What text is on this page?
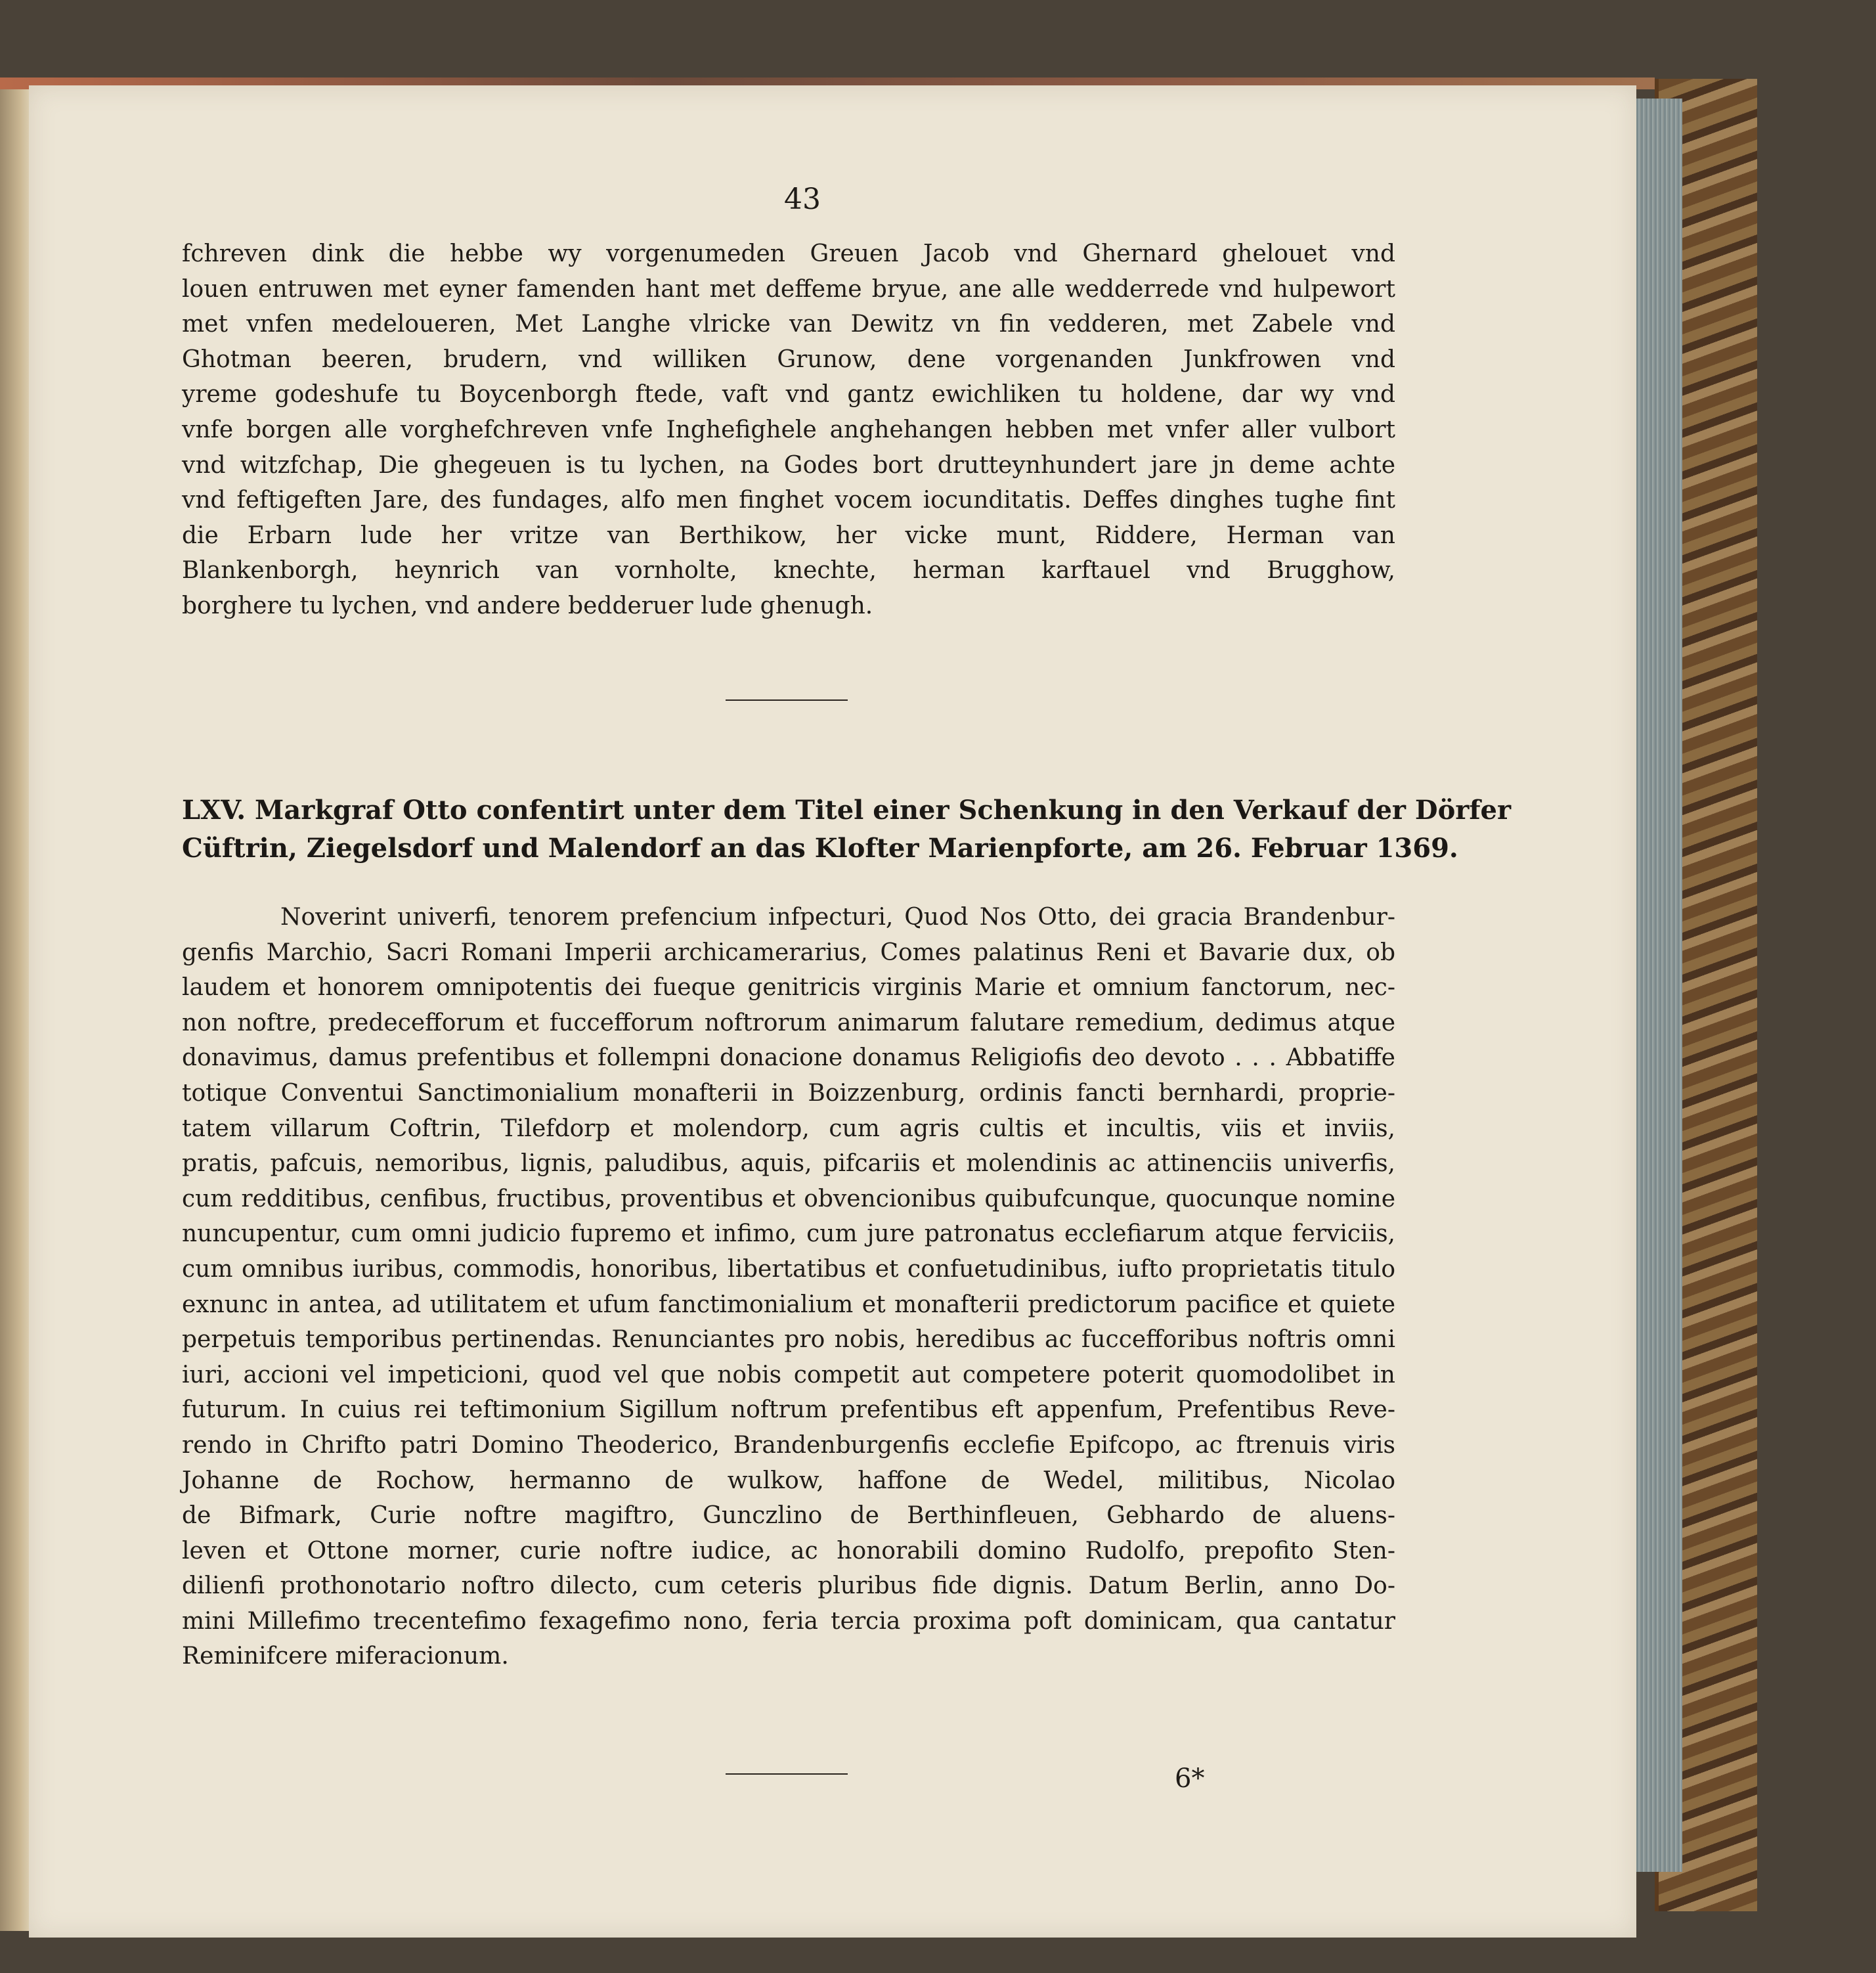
43
fchreven dink die hebbe wy vorgenumeden Greuen Jacob vnd Ghernard ghelouet vnd
louen entruwen met eyner famenden hant met deffeme bryue, ane alle wedderrede vnd hulpewort
met vnfen medeloueren, Met Langhe vlricke van Dewitz vn fin vedderen, met Zabele vnd
Ghotman beeren, brudern, vnd williken Grunow, dene vorgenanden Junkfrowen vnd
yreme godeshufe tu Boycenborgh ftede, vaft vnd gantz ewichliken tu holdene, dar wy vnd
vnfe borgen alle vorghefchreven vnfe Inghefighele anghehangen hebben met vnfer aller vulbort
vnd witzfchap, Die ghegeuen is tu lychen, na Godes bort drutteynhundert jare jn deme achte
vnd feftigeften Jare, des fundages, alfo men finghet vocem iocunditatis. Deffes dinghes tughe fint
die Erbarn lude her vritze van Berthikow, her vicke munt, Riddere, Herman van
Blankenborgh, heynrich van vornholte, knechte, herman karftauel vnd Brugghow,
borghere tu lychen, vnd andere bedderuer lude ghenugh.
LXV. Markgraf Otto confentirt unter dem Titel einer Schenkung in den Verkauf der Dörfer
Cüftrin, Ziegelsdorf und Malendorf an das Klofter Marienpforte, am 26. Februar 1369.
Noverint univerfi, tenorem prefencium infpecturi, Quod Nos Otto, dei gracia Brandenbur-
genfis Marchio, Sacri Romani Imperii archicamerarius, Comes palatinus Reni et Bavarie dux, ob
laudem et honorem omnipotentis dei fueque genitricis virginis Marie et omnium fanctorum, nec-
non noftre, predecefforum et fuccefforum noftrorum animarum falutare remedium, dedimus atque
donavimus, damus prefentibus et follempni donacione donamus Religiofis deo devoto . . . Abbatiffe
totique Conventui Sanctimonialium monafterii in Boizzenburg, ordinis fancti bernhardi, proprie-
tatem villarum Coftrin, Tilefdorp et molendorp, cum agris cultis et incultis, viis et inviis,
pratis, pafcuis, nemoribus, lignis, paludibus, aquis, pifcariis et molendinis ac attinenciis univerfis,
cum redditibus, cenfibus, fructibus, proventibus et obvencionibus quibufcunque, quocunque nomine
nuncupentur, cum omni judicio fupremo et infimo, cum jure patronatus ecclefiarum atque ferviciis,
cum omnibus iuribus, commodis, honoribus, libertatibus et confuetudinibus, iufto proprietatis titulo
exnunc in antea, ad utilitatem et ufum fanctimonialium et monafterii predictorum pacifice et quiete
perpetuis temporibus pertinendas. Renunciantes pro nobis, heredibus ac fuccefforibus noftris omni
iuri, accioni vel impeticioni, quod vel que nobis competit aut competere poterit quomodolibet in
futurum. In cuius rei teftimonium Sigillum noftrum prefentibus eft appenfum, Prefentibus Reve-
rendo in Chrifto patri Domino Theoderico, Brandenburgenfis ecclefie Epifcopo, ac ftrenuis viris
Johanne de Rochow, hermanno de wulkow, haffone de Wedel, militibus, Nicolao
de Bifmark, Curie noftre magiftro, Gunczlino de Berthinfleuen, Gebhardo de aluens-
leven et Ottone morner, curie noftre iudice, ac honorabili domino Rudolfo, prepofito Sten-
dilienfi prothonotario noftro dilecto, cum ceteris pluribus fide dignis. Datum Berlin, anno Do-
mini Millefimo trecentefimo fexagefimo nono, feria tercia proxima poft dominicam, qua cantatur
Reminifcere miferacionum.
6*
